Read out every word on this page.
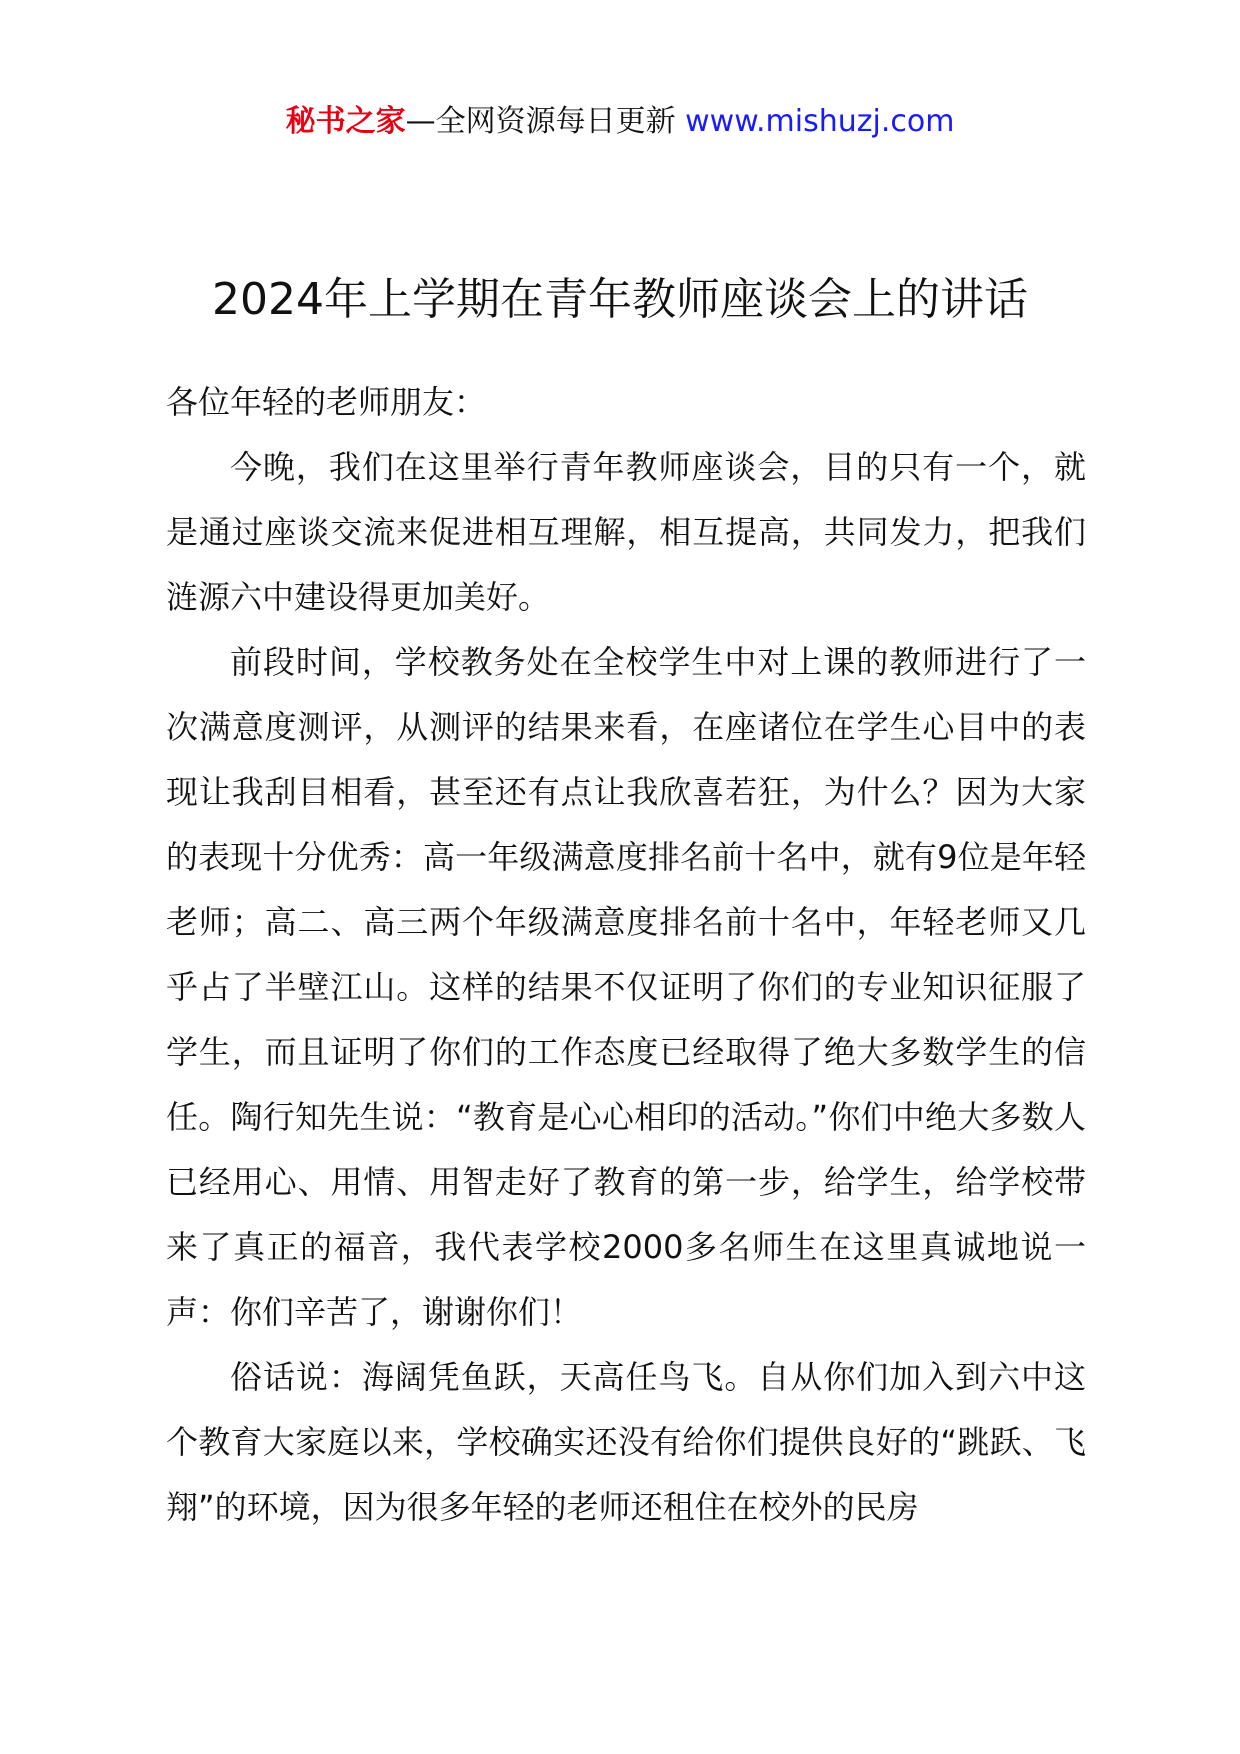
秘书之家—全网资源每日更新 www.mishuzj.com
2024年上学期在青年教师座谈会上的讲话

各位年轻的老师朋友：

今晚，我们在这里举行青年教师座谈会，目的只有一个，就是通过座谈交流来促进相互理解，相互提高，共同发力，把我们涟源六中建设得更加美好。

前段时间，学校教务处在全校学生中对上课的教师进行了一次满意度测评，从测评的结果来看，在座诸位在学生心目中的表现让我刮目相看，甚至还有点让我欣喜若狂，为什么？因为大家的表现十分优秀：高一年级满意度排名前十名中，就有9位是年轻老师；高二、高三两个年级满意度排名前十名中，年轻老师又几乎占了半壁江山。这样的结果不仅证明了你们的专业知识征服了学生，而且证明了你们的工作态度已经取得了绝大多数学生的信任。陶行知先生说：“教育是心心相印的活动。”你们中绝大多数人已经用心、用情、用智走好了教育的第一步，给学生，给学校带来了真正的福音，我代表学校2000多名师生在这里真诚地说一声：你们辛苦了，谢谢你们！

俗话说：海阔凭鱼跃，天高任鸟飞。自从你们加入到六中这个教育大家庭以来，学校确实还没有给你们提供良好的“跳跃、飞翔”的环境，因为很多年轻的老师还租住在校外的民房
